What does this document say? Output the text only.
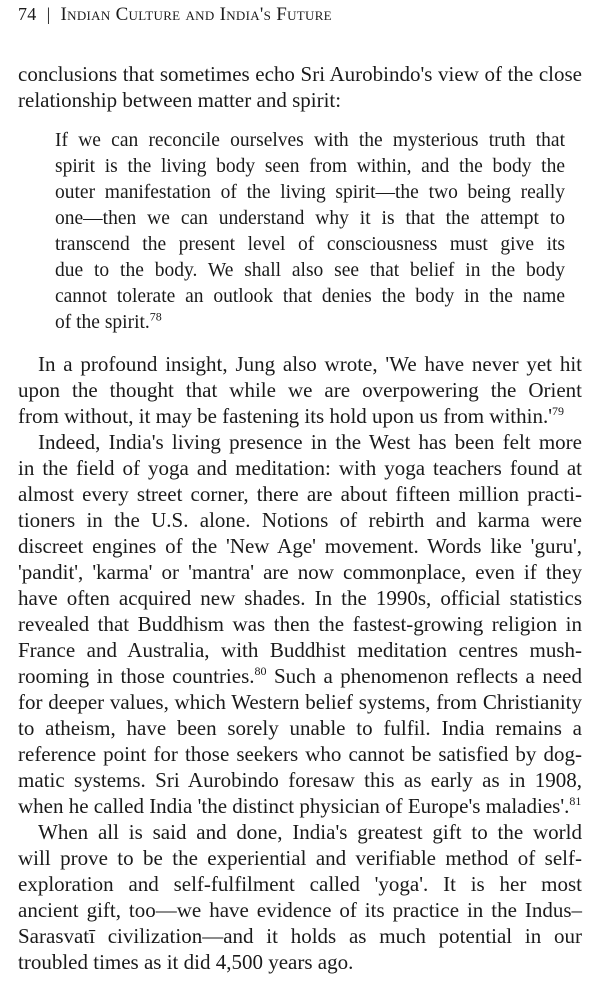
74 | Indian Culture and India's Future
conclusions that sometimes echo Sri Aurobindo's view of the close
relationship between matter and spirit:
If we can reconcile ourselves with the mysterious truth that
spirit is the living body seen from within, and the body the
outer manifestation of the living spirit—the two being really
one—then we can understand why it is that the attempt to
transcend the present level of consciousness must give its
due to the body. We shall also see that belief in the body
cannot tolerate an outlook that denies the body in the name
of the spirit.$^{78}$
In a profound insight, Jung also wrote, 'We have never yet hit
upon the thought that while we are overpowering the Orient
from without, it may be fastening its hold upon us from $within.'^{79}$
Indeed, India's living presence in the West has been felt more
in the field of yoga and meditation: with yoga teachers found at
almost every street corner, there are about fifteen million practi-
tioners in the U.S. alone. Notions of rebirth and karma were
discreet engines of the 'New Age' movement. Words like 'guru',
'pandit', 'karma' or 'mantra' are now commonplace, even if they
have often acquired new shades. In the 1990s, official statistics
revealed that Buddhism was then the fastest-growing religion in
France and Australia, with Buddhist meditation centres mush-
rooming in those countries.$^{80}$ Such a phenomenon reflects a need
for deeper values, which Western belief systems, from Christianity
to atheism, have been sorely unable to fulfil. India remains a
reference point for those seekers who cannot be satisfied by dog-
matic systems. Sri Aurobindo foresaw this as early as in 1908,
when he called India 'the distinct physician of Europe's maladies'.$^{81}$
When all is said and done, India's greatest gift to the world
will prove to be the experiential and verifiable method of self-
exploration and self-fulfilment called 'yoga'. It is her most
ancient gift, too—we have evidence of its practice in the Indus–
Sarasvatī civilization—and it holds as much potential in our
troubled times as it did 4,500 years ago.
